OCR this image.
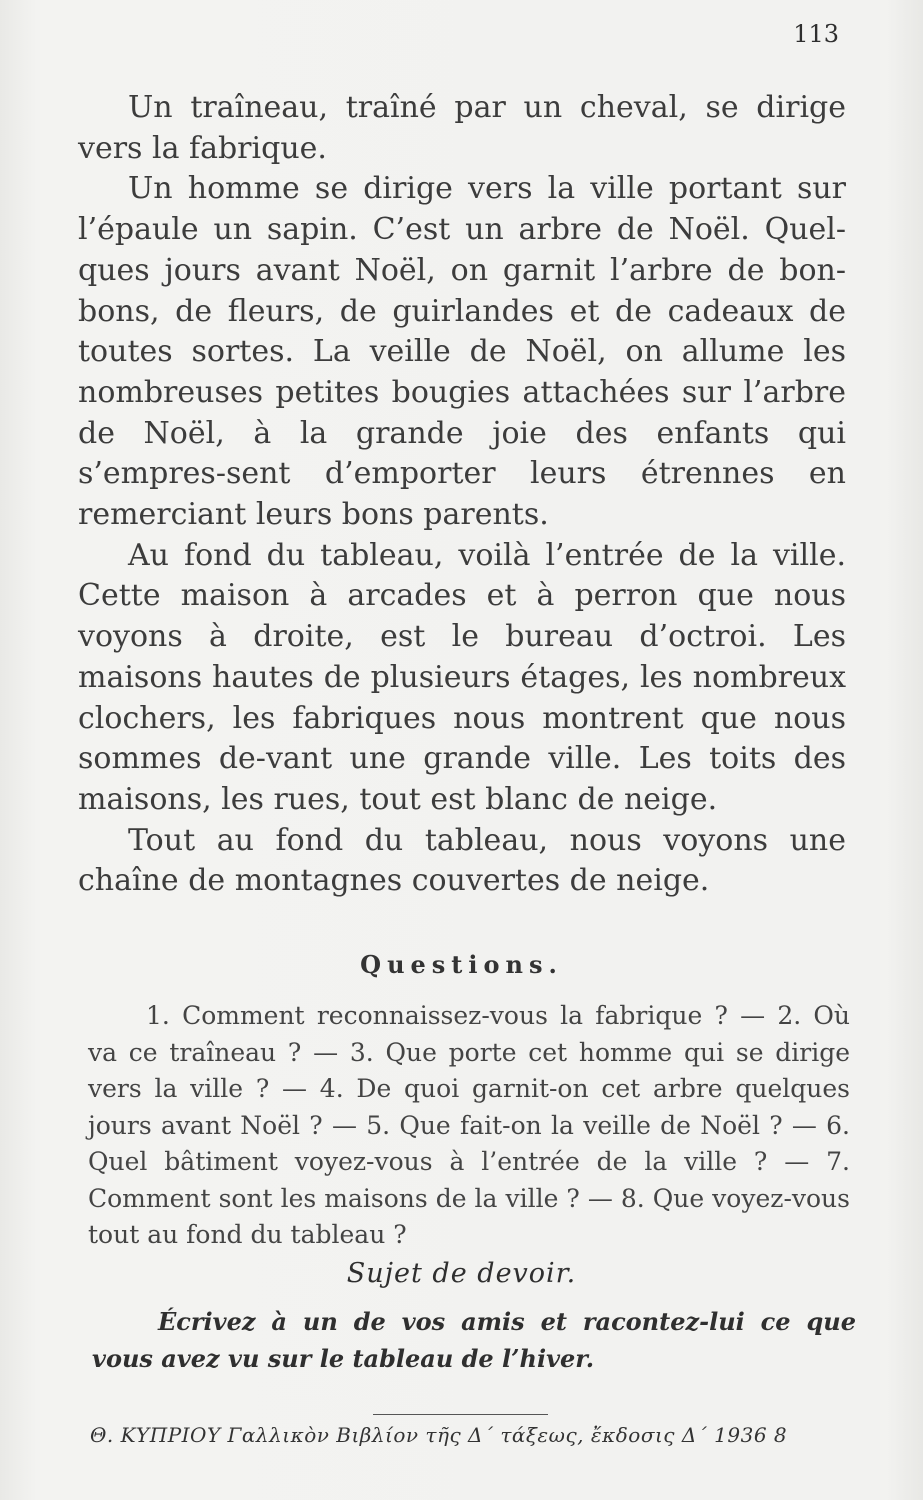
113

Un traîneau, traîné par un cheval, se dirige vers la fabrique.

Un homme se dirige vers la ville portant sur l’épaule un sapin. C’est un arbre de Noël. Quel-ques jours avant Noël, on garnit l’arbre de bon-bons, de fleurs, de guirlandes et de cadeaux de toutes sortes. La veille de Noël, on allume les nombreuses petites bougies attachées sur l’arbre de Noël, à la grande joie des enfants qui s’empres-sent d’emporter leurs étrennes en remerciant leurs bons parents.

Au fond du tableau, voilà l’entrée de la ville. Cette maison à arcades et à perron que nous voyons à droite, est le bureau d’octroi. Les maisons hautes de plusieurs étages, les nombreux clochers, les fabriques nous montrent que nous sommes de-vant une grande ville. Les toits des maisons, les rues, tout est blanc de neige.

Tout au fond du tableau, nous voyons une chaîne de montagnes couvertes de neige.

Questions.

1. Comment reconnaissez-vous la fabrique ? — 2. Où va ce traîneau ? — 3. Que porte cet homme qui se dirige vers la ville ? — 4. De quoi garnit-on cet arbre quelques jours avant Noël ? — 5. Que fait-on la veille de Noël ? — 6. Quel bâtiment voyez-vous à l’entrée de la ville ? — 7. Comment sont les maisons de la ville ? — 8. Que voyez-vous tout au fond du tableau ?

Sujet de devoir.

Écrivez à un de vos amis et racontez-lui ce que vous avez vu sur le tableau de l’hiver.

Θ. ΚΥΠΡΙΟΥ Γαλλικὸν Βιβλίον τῆς Δ´ τάξεως, ἔκδοσις Δ´ 1936 8
